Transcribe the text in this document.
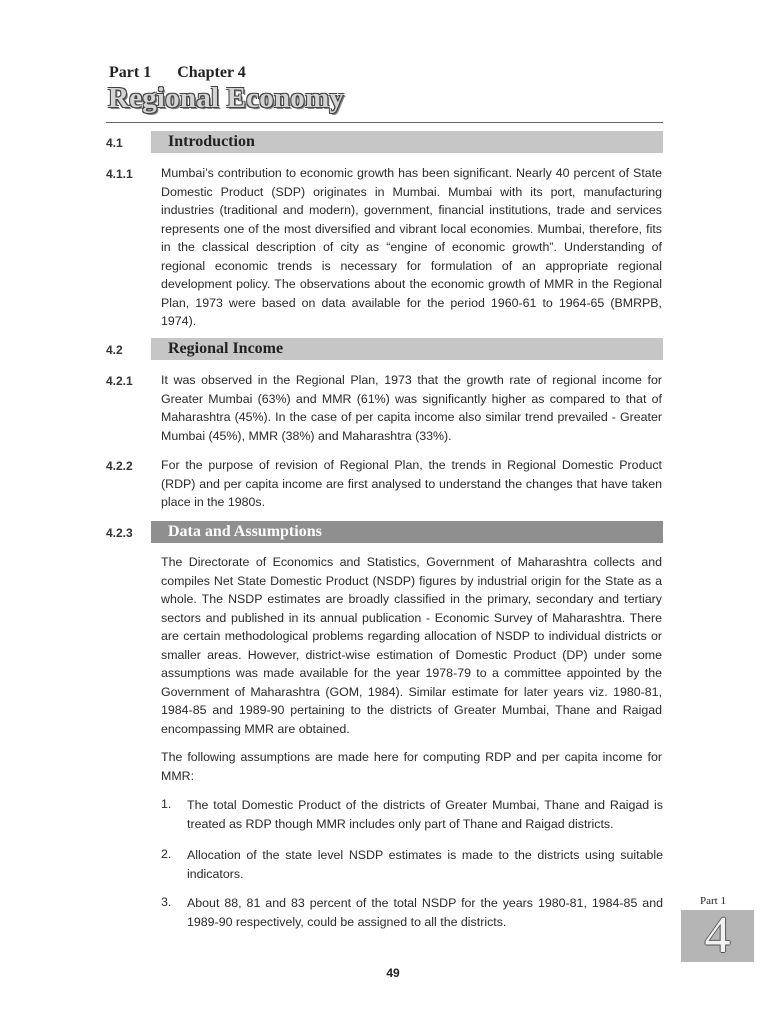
Part 1 Chapter 4
Regional Economy
4.1	Introduction
4.1.1 Mumbai’s contribution to economic growth has been significant. Nearly 40 percent of State Domestic Product (SDP) originates in Mumbai. Mumbai with its port, manufacturing industries (traditional and modern), government, financial institutions, trade and services represents one of the most diversified and vibrant local economies. Mumbai, therefore, fits in the classical description of city as “engine of economic growth”. Understanding of regional economic trends is necessary for formulation of an appropriate regional development policy. The observations about the economic growth of MMR in the Regional Plan, 1973 were based on data available for the period 1960-61 to 1964-65 (BMRPB, 1974).

4.2	Regional Income
4.2.1 It was observed in the Regional Plan, 1973 that the growth rate of regional income for Greater Mumbai (63%) and MMR (61%) was significantly higher as compared to that of Maharashtra (45%). In the case of per capita income also similar trend prevailed - Greater Mumbai (45%), MMR (38%) and Maharashtra (33%).

4.2.2 For the purpose of revision of Regional Plan, the trends in Regional Domestic Product (RDP) and per capita income are first analysed to understand the changes that have taken place in the 1980s.

4.2.3	Data and Assumptions

The Directorate of Economics and Statistics, Government of Maharashtra collects and compiles Net State Domestic Product (NSDP) figures by industrial origin for the State as a whole. The NSDP estimates are broadly classified in the primary, secondary and tertiary sectors and published in its annual publication - Economic Survey of Maharashtra. There are certain methodological problems regarding allocation of NSDP to individual districts or smaller areas. However, district-wise estimation of Domestic Product (DP) under some assumptions was made available for the year 1978-79 to a committee appointed by the Government of Maharashtra (GOM, 1984). Similar estimate for later years viz. 1980-81, 1984-85 and 1989-90 pertaining to the districts of Greater Mumbai, Thane and Raigad encompassing MMR are obtained.

The following assumptions are made here for computing RDP and per capita income for MMR:

1. The total Domestic Product of the districts of Greater Mumbai, Thane and Raigad is treated as RDP though MMR includes only part of Thane and Raigad districts.

2. Allocation of the state level NSDP estimates is made to the districts using suitable indicators.

3. About 88, 81 and 83 percent of the total NSDP for the years 1980-81, 1984-85 and 1989-90 respectively, could be assigned to all the districts.

49
Part 1
4
